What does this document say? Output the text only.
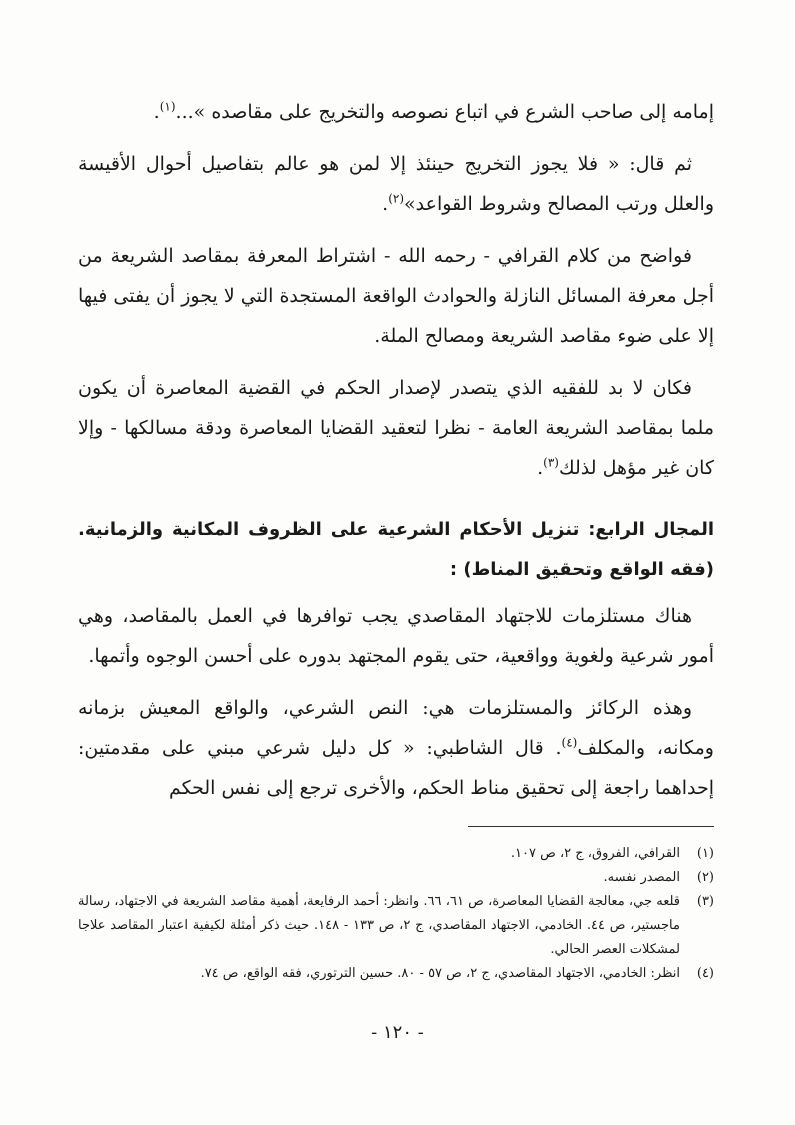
إمامه إلى صاحب الشرع في اتباع نصوصه والتخريج على مقاصده »...$^{(١)}$.

ثم قال: « فلا يجوز التخريج حينئذ إلا لمن هو عالم بتفاصيل أحوال الأقيسة والعلل ورتب المصالح وشروط القواعد»$^{(٢)}$.

فواضح من كلام القرافي - رحمه الله - اشتراط المعرفة بمقاصد الشريعة من أجل معرفة المسائل النازلة والحوادث الواقعة المستجدة التي لا يجوز أن يفتى فيها إلا على ضوء مقاصد الشريعة ومصالح الملة.

فكان لا بد للفقيه الذي يتصدر لإصدار الحكم في القضية المعاصرة أن يكون ملما بمقاصد الشريعة العامة - نظرا لتعقيد القضايا المعاصرة ودقة مسالكها - وإلا كان غير مؤهل لذلك$^{(٣)}$.

المجال الرابع: تنزيل الأحكام الشرعية على الظروف المكانية والزمانية. (فقه الواقع وتحقيق المناط) :

هناك مستلزمات للاجتهاد المقاصدي يجب توافرها في العمل بالمقاصد، وهي أمور شرعية ولغوية وواقعية، حتى يقوم المجتهد بدوره على أحسن الوجوه وأتمها.

وهذه الركائز والمستلزمات هي: النص الشرعي، والواقع المعيش بزمانه ومكانه، والمكلف$^{(٤)}$. قال الشاطبي: « كل دليل شرعي مبني على مقدمتين: إحداهما راجعة إلى تحقيق مناط الحكم، والأخرى ترجع إلى نفس الحكم

(١)
القرافي، الفروق، ج ٢، ص ١٠٧.
(٢)
المصدر نفسه.
(٣)
قلعه جي، معالجة القضايا المعاصرة، ص ٦١، ٦٦. وانظر: أحمد الرفايعة، أهمية مقاصد الشريعة في الاجتهاد، رسالة ماجستير، ص ٤٤. الخادمي، الاجتهاد المقاصدي، ج ٢، ص ١٣٣ - ١٤٨. حيث ذكر أمثلة لكيفية اعتبار المقاصد علاجا لمشكلات العصر الحالي.
(٤)
انظر: الخادمي، الاجتهاد المقاصدي، ج ٢، ص ٥٧ - ٨٠. حسين الترتوري، فقه الواقع، ص ٧٤.
- ١٢٠ -
